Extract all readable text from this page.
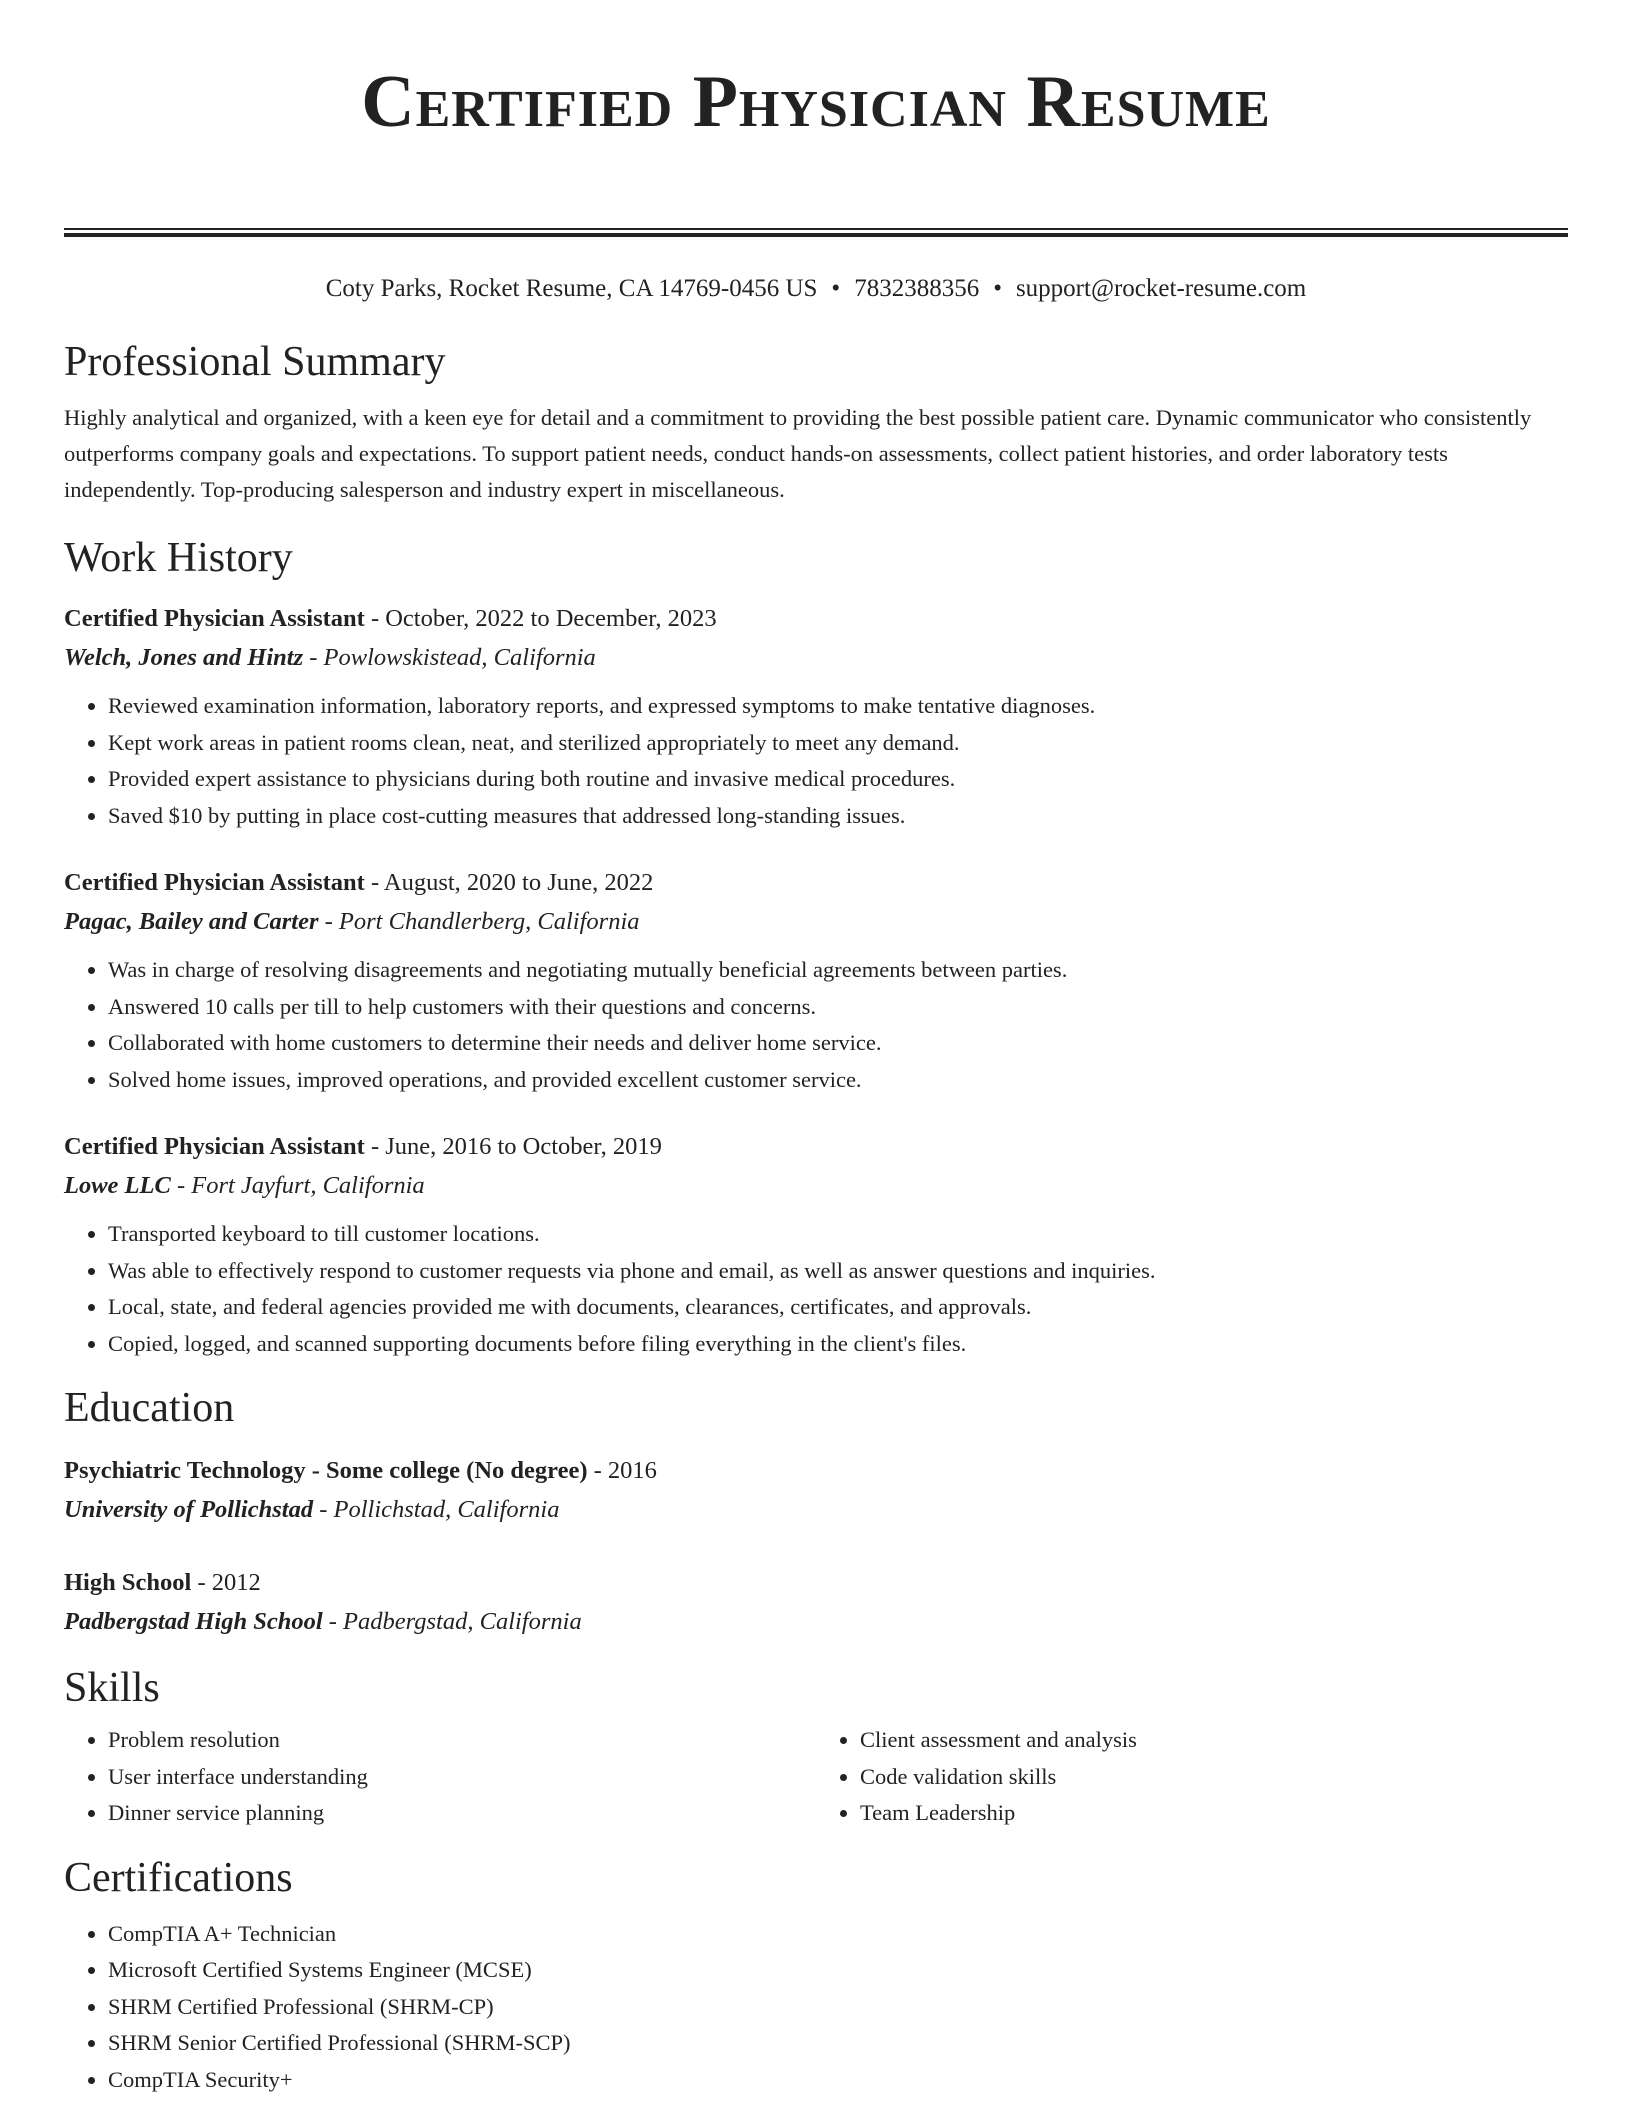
Certified Physician Resume
Coty Parks, Rocket Resume, CA 14769-0456 US • 7832388356 • support@rocket-resume.com
Professional Summary
Highly analytical and organized, with a keen eye for detail and a commitment to providing the best possible patient care. Dynamic communicator who consistently outperforms company goals and expectations. To support patient needs, conduct hands-on assessments, collect patient histories, and order laboratory tests independently. Top-producing salesperson and industry expert in miscellaneous.
Work History
Certified Physician Assistant - October, 2022 to December, 2023
Welch, Jones and Hintz - Powlowskistead, California
• Reviewed examination information, laboratory reports, and expressed symptoms to make tentative diagnoses.
• Kept work areas in patient rooms clean, neat, and sterilized appropriately to meet any demand.
• Provided expert assistance to physicians during both routine and invasive medical procedures.
• Saved $10 by putting in place cost-cutting measures that addressed long-standing issues.
Certified Physician Assistant - August, 2020 to June, 2022
Pagac, Bailey and Carter - Port Chandlerberg, California
• Was in charge of resolving disagreements and negotiating mutually beneficial agreements between parties.
• Answered 10 calls per till to help customers with their questions and concerns.
• Collaborated with home customers to determine their needs and deliver home service.
• Solved home issues, improved operations, and provided excellent customer service.
Certified Physician Assistant - June, 2016 to October, 2019
Lowe LLC - Fort Jayfurt, California
• Transported keyboard to till customer locations.
• Was able to effectively respond to customer requests via phone and email, as well as answer questions and inquiries.
• Local, state, and federal agencies provided me with documents, clearances, certificates, and approvals.
• Copied, logged, and scanned supporting documents before filing everything in the client's files.
Education
Psychiatric Technology - Some college (No degree) - 2016
University of Pollichstad - Pollichstad, California
High School - 2012
Padbergstad High School - Padbergstad, California
Skills
• Problem resolution
• User interface understanding
• Dinner service planning
• Client assessment and analysis
• Code validation skills
• Team Leadership
Certifications
• CompTIA A+ Technician
• Microsoft Certified Systems Engineer (MCSE)
• SHRM Certified Professional (SHRM-CP)
• SHRM Senior Certified Professional (SHRM-SCP)
• CompTIA Security+
